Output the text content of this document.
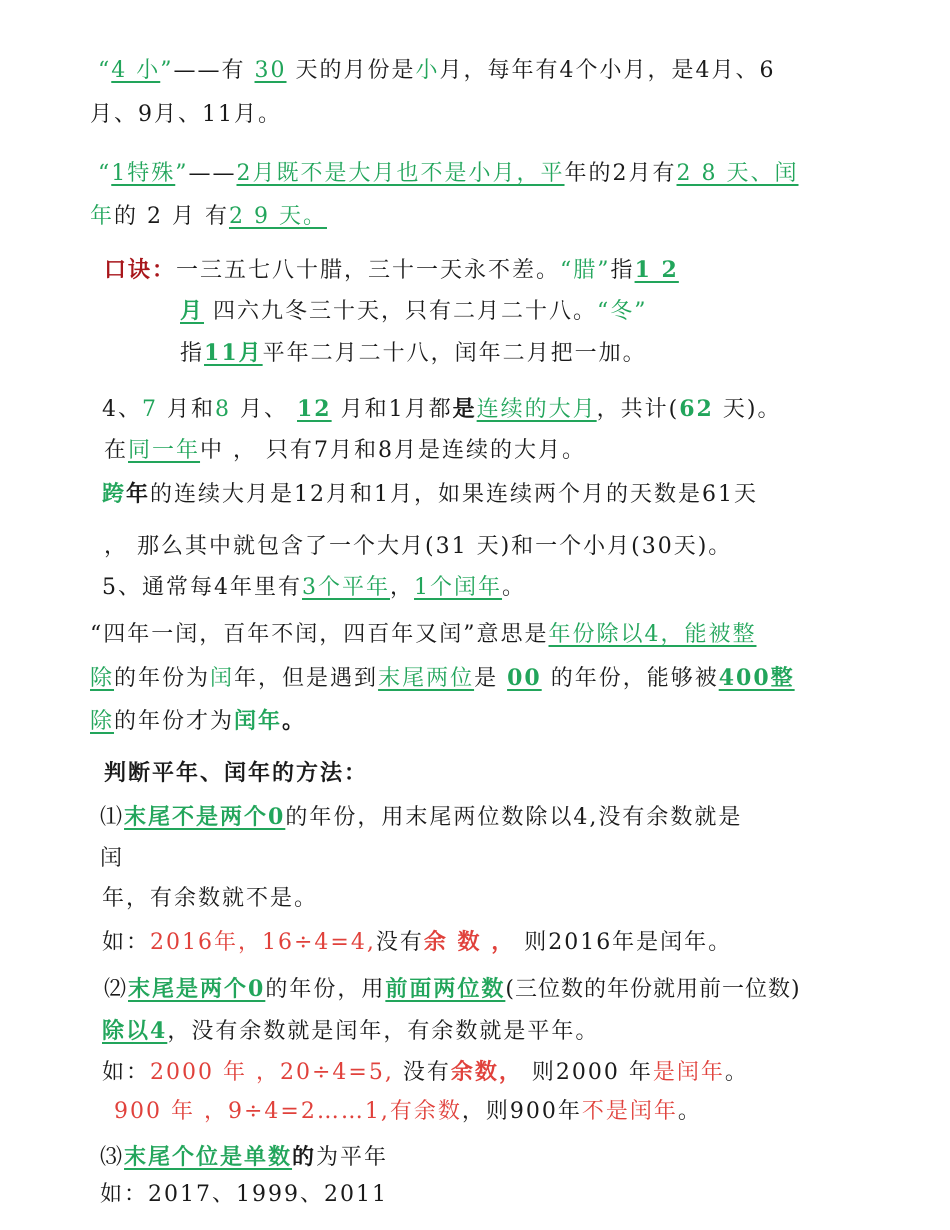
“4 小”——有 30 天的月份是小月，每年有4个小月，是4月、6
月、9月、11月。
“1特殊”——2月既不是大月也不是小月，平年的2月有2 8 天、闰
年的 2 月 有2 9 天。
口诀：一三五七八十腊，三十一天永不差。“腊”指1 2
月 四六九冬三十天，只有二月二十八。“冬”
指11月平年二月二十八，闰年二月把一加。
4、7 月和8 月、 12 月和1月都是连续的大月，共计(62 天)。
在同一年中 ， 只有7月和8月是连续的大月。
跨年的连续大月是12月和1月，如果连续两个月的天数是61天
， 那么其中就包含了一个大月(31 天)和一个小月(30天)。
5、通常每4年里有3个平年，1个闰年。
“四年一闰，百年不闰，四百年又闰”意思是年份除以4，能被整
除的年份为闰年，但是遇到末尾两位是 00 的年份，能够被400整
除的年份才为闰年。
判断平年、闰年的方法：
⑴末尾不是两个0的年份，用末尾两位数除以4,没有余数就是
闰
年，有余数就不是。
如：2016年，16÷4=4,没有余 数 ， 则2016年是闰年。
⑵末尾是两个0的年份，用前面两位数(三位数的年份就用前一位数)
除以4，没有余数就是闰年，有余数就是平年。
如：2000 年 ，20÷4=5, 没有余数， 则2000 年是闰年。
900 年 ，9÷4=2……1,有余数，则900年不是闰年。
⑶末尾个位是单数的为平年
如：2017、1999、2011
